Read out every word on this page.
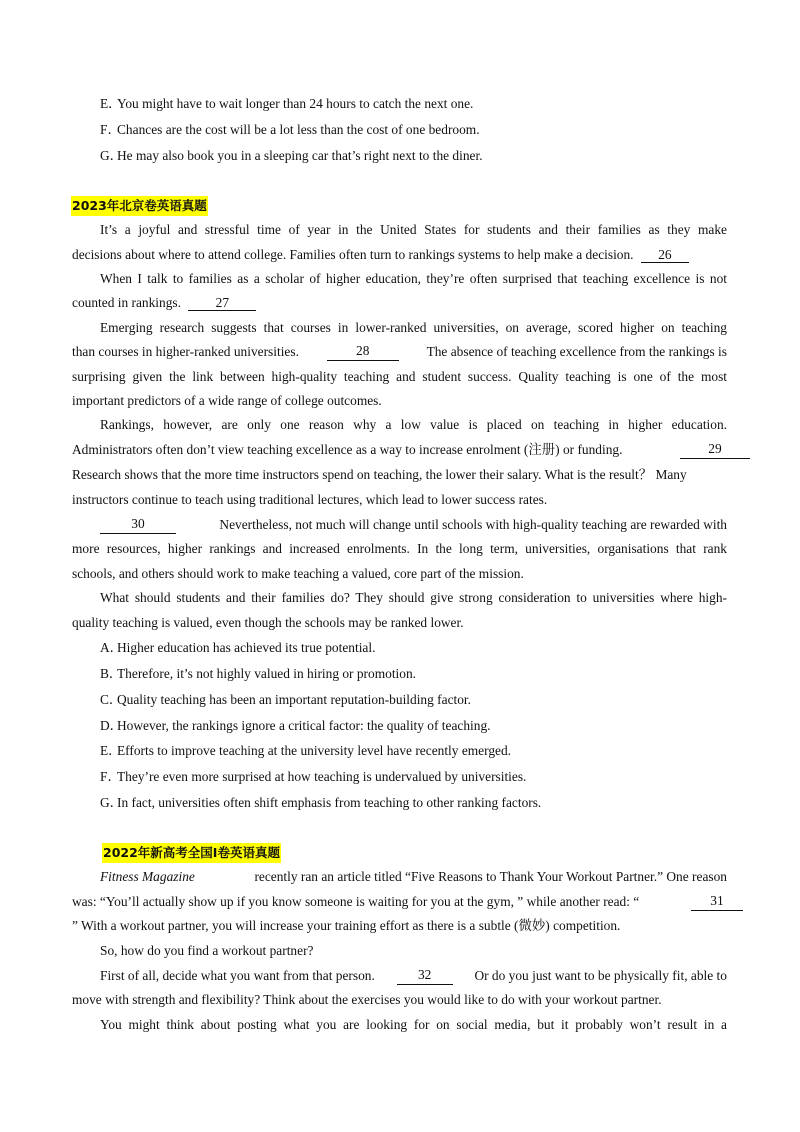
E．You might have to wait longer than 24 hours to catch the next one.
F．Chances are the cost will be a lot less than the cost of one bedroom.
G．He may also book you in a sleeping car that’s right next to the diner.
2023年北京卷英语真题
It’s a joyful and stressful time of year in the United States for students and their families as they make
decisions about where to attend college. Families often turn to rankings systems to help make a decision. 26
When I talk to families as a scholar of higher education, they’re often surprised that teaching excellence is not
counted in rankings.	27
Emerging research suggests that courses in lower-ranked universities, on average, scored higher on teaching
than courses in higher-ranked universities.	28	The absence of teaching excellence from the rankings is
surprising given the link between high-quality teaching and student success. Quality teaching is one of the most
important predictors of a wide range of college outcomes.
Rankings, however, are only one reason why a low value is placed on teaching in higher education.
Administrators often don’t view teaching excellence as a way to increase enrolment (注册) or funding.	29
Research shows that the more time instructors spend on teaching, the lower their salary. What is the result？ Many
instructors continue to teach using traditional lectures, which lead to lower success rates.
30	Nevertheless, not much will change until schools with high-quality teaching are rewarded with
more resources, higher rankings and increased enrolments. In the long term, universities, organisations that rank
schools, and others should work to make teaching a valued, core part of the mission.
What should students and their families do? They should give strong consideration to universities where high-
quality teaching is valued, even though the schools may be ranked lower.
A．Higher education has achieved its true potential.
B．Therefore, it’s not highly valued in hiring or promotion.
C．Quality teaching has been an important reputation-building factor.
D．However, the rankings ignore a critical factor: the quality of teaching.
E．Efforts to improve teaching at the university level have recently emerged.
F．They’re even more surprised at how teaching is undervalued by universities.
G．In fact, universities often shift emphasis from teaching to other ranking factors.
2022年新高考全国I卷英语真题
Fitness Magazine	recently ran an article titled “Five Reasons to Thank Your Workout Partner.” One reason
was: “You’ll actually show up if you know someone is waiting for you at the gym, ” while another read: “	31
” With a workout partner, you will increase your training effort as there is a subtle (微妙) competition.
So, how do you find a workout partner?
First of all, decide what you want from that person.	32	Or do you just want to be physically fit, able to
move with strength and flexibility? Think about the exercises you would like to do with your workout partner.
You might think about posting what you are looking for on social media, but it probably won’t result in a
